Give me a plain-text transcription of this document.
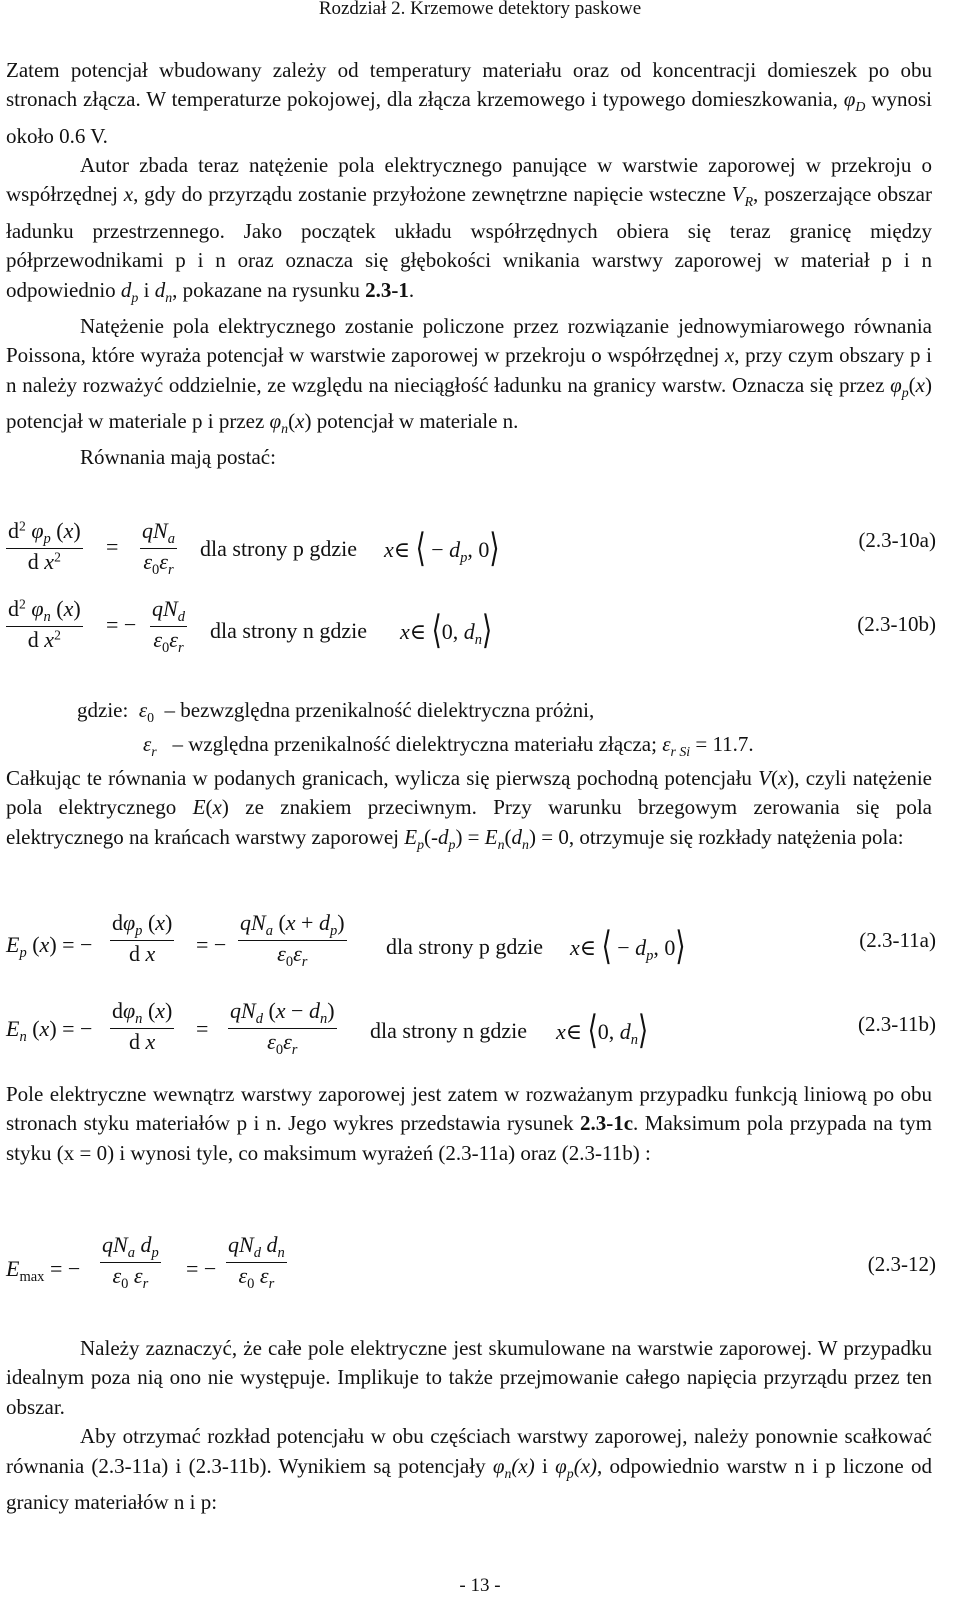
Rozdział 2. Krzemowe detektory paskowe

Zatem potencjał wbudowany zależy od temperatury materiału oraz od koncentracji domieszek po obu stronach złącza. W temperaturze pokojowej, dla złącza krzemowego i typowego domieszkowania, $\varphi_D$ wynosi około 0.6 V.

Autor zbada teraz natężenie pola elektrycznego panujące w warstwie zaporowej w przekroju o współrzędnej x, gdy do przyrządu zostanie przyłożone zewnętrzne napięcie wsteczne $V_R$, poszerzające obszar ładunku przestrzennego. Jako początek układu współrzędnych obiera się teraz granicę między półprzewodnikami p i n oraz oznacza się głębokości wnikania warstwy zaporowej w materiał p i n odpowiednio $d_p$ i $d_n$, pokazane na rysunku 2.3-1.

Natężenie pola elektrycznego zostanie policzone przez rozwiązanie jednowymiarowego równania Poissona, które wyraża potencjał w warstwie zaporowej w przekroju o współrzędnej x, przy czym obszary p i n należy rozważyć oddzielnie, ze względu na nieciągłość ładunku na granicy warstw. Oznacza się przez $\varphi_p(x)$ potencjał w materiale p i przez $\varphi_n(x)$ potencjał w materiale n.

Równania mają postać:

$\frac{d^2 \varphi_p (x)}{d x^2}$ =
$qN_a$
$\varepsilon_0\varepsilon_r$
dla strony p gdzie x∈ ⟨ − $d_p$, 0⟩	(2.3-10a)
$\frac{d^2 \varphi_n (x)}{d x^2}$ = −
$qN_d$
$\varepsilon_0\varepsilon_r$
dla strony n gdzie x∈ ⟨0, $d_n⟩$	(2.3-10b)
gdzie: $\varepsilon_0$  – bezwzględna przenikalność dielektryczna próżni,
$\varepsilon_r$   – względna przenikalność dielektryczna materiału złącza; $\varepsilon_{r Si} = 11.7$.

Całkując te równania w podanych granicach, wylicza się pierwszą pochodną potencjału V(x), czyli natężenie pola elektrycznego E(x) ze znakiem przeciwnym. Przy warunku brzegowym zerowania się pola elektrycznego na krańcach warstwy zaporowej $E_p(-d_p) = E_n(d_n) = 0$, otrzymuje się rozkłady natężenia pola:

$E_p$ (x) = −
$d\varphi_p$ (x)
d x	= −
$qN_a$ $(x + d_p)$
$\varepsilon_0\varepsilon_r$
dla strony p gdzie x∈ ⟨ − $d_p$, 0⟩	(2.3-11a)
$E_n$ (x) = −
$d\varphi_n$ (x)
d x
=
$qN_d$ $(x - d_n)$
$\varepsilon_0\varepsilon_r$
dla strony n gdzie x∈ ⟨0, $d_n⟩$	(2.3-11b)

Pole elektryczne wewnątrz warstwy zaporowej jest zatem w rozważanym przypadku funkcją liniową po obu stronach styku materiałów p i n. Jego wykres przedstawia rysunek 2.3-1c. Maksimum pola przypada na tym styku (x = 0) i wynosi tyle, co maksimum wyrażeń (2.3-11a) oraz (2.3-11b) :

$E_{max}$ = −
$qN_a$ $d_p$
$\varepsilon_0$ $\varepsilon_r$
= −
$qN_d$ $d_n$
$\varepsilon_0$ $\varepsilon_r$
(2.3-12)

Należy zaznaczyć, że całe pole elektryczne jest skumulowane na warstwie zaporowej. W przypadku idealnym poza nią ono nie występuje. Implikuje to także przejmowanie całego napięcia przyrządu przez ten obszar.

Aby otrzymać rozkład potencjału w obu częściach warstwy zaporowej, należy ponownie scałkować równania (2.3-11a) i (2.3-11b). Wynikiem są potencjały $\varphi_n(x)$ i $\varphi_p(x)$, odpowiednio warstw n i p liczone od granicy materiałów n i p:

- 13 -
